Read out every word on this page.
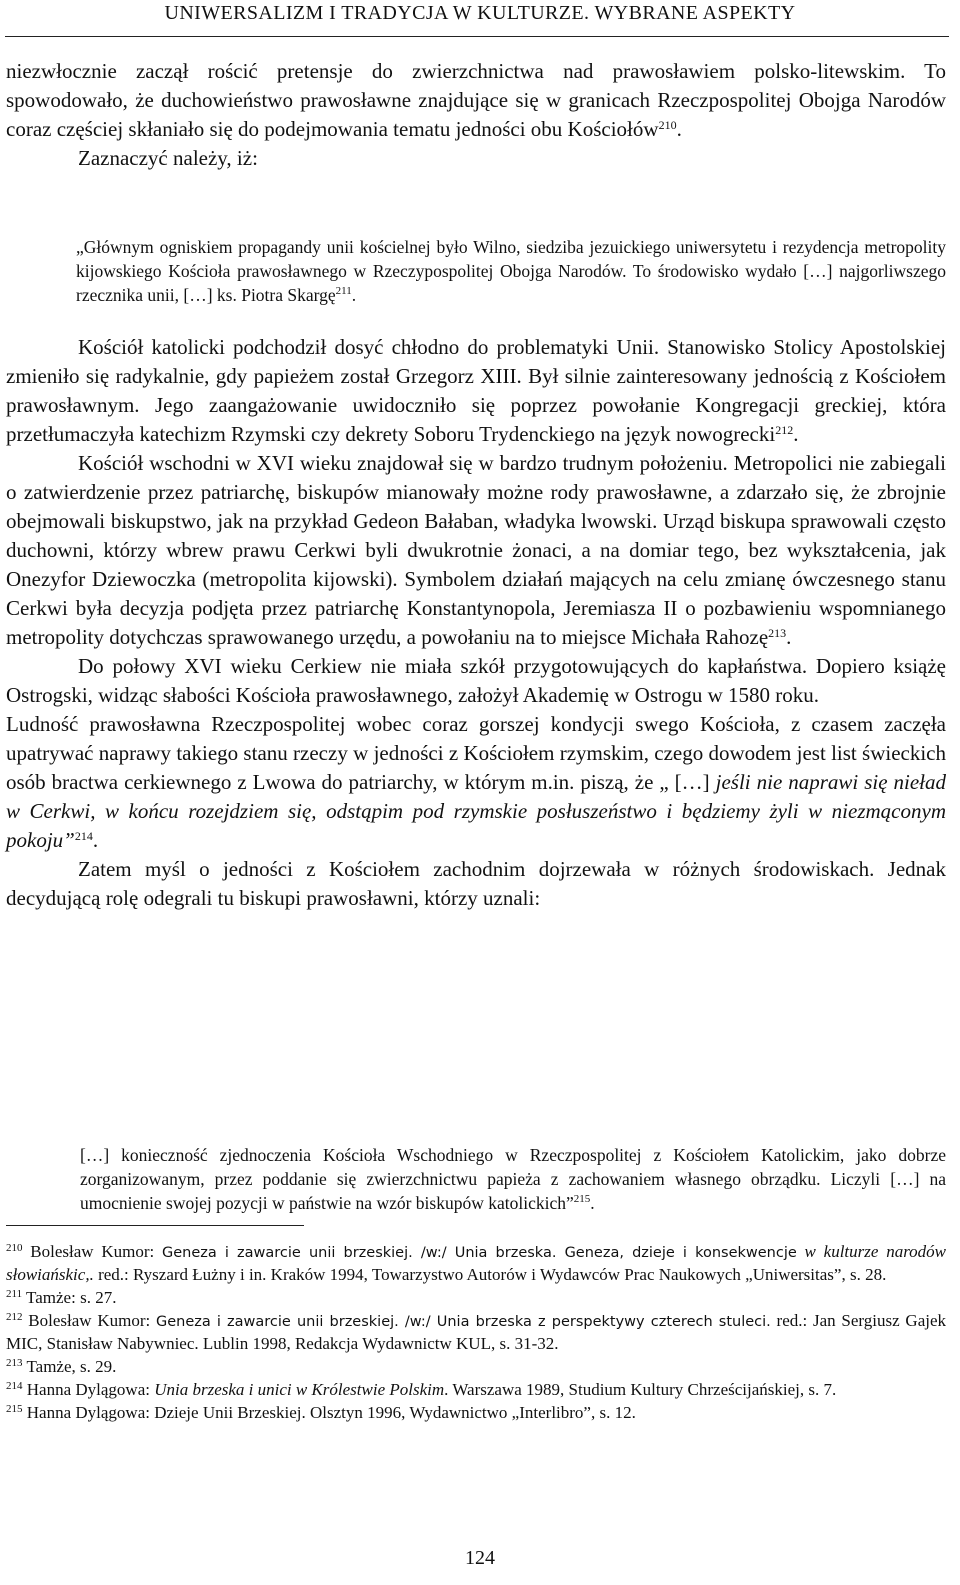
UNIWERSALIZM I TRADYCJA W KULTURZE. WYBRANE ASPEKTY

niezwłocznie zaczął rościć pretensje do zwierzchnictwa nad prawosławiem polsko-litewskim. To spowodowało, że duchowieństwo prawosławne znajdujące się w granicach Rzeczpospolitej Obojga Narodów coraz częściej skłaniało się do podejmowania tematu jedności obu Kościołów$^{210}$.

Zaznaczyć należy, iż:

„Głównym ogniskiem propagandy unii kościelnej było Wilno, siedziba jezuickiego uniwersytetu i rezydencja metropolity kijowskiego Kościoła prawosławnego w Rzeczypospolitej Obojga Narodów. To środowisko wydało […] najgorliwszego rzecznika unii, […] ks. Piotra Skargę$^{211}$.

Kościół katolicki podchodził dosyć chłodno do problematyki Unii. Stanowisko Stolicy Apostolskiej zmieniło się radykalnie, gdy papieżem został Grzegorz XIII. Był silnie zainteresowany jednością z Kościołem prawosławnym. Jego zaangażowanie uwidoczniło się poprzez powołanie Kongregacji greckiej, która przetłumaczyła katechizm Rzymski czy dekrety Soboru Trydenckiego na język nowogrecki$^{212}$.

Kościół wschodni w XVI wieku znajdował się w bardzo trudnym położeniu. Metropolici nie zabiegali o zatwierdzenie przez patriarchę, biskupów mianowały możne rody prawosławne, a zdarzało się, że zbrojnie obejmowali biskupstwo, jak na przykład Gedeon Bałaban, władyka lwowski. Urząd biskupa sprawowali często duchowni, którzy wbrew prawu Cerkwi byli dwukrotnie żonaci, a na domiar tego, bez wykształcenia, jak Onezyfor Dziewoczka (metropolita kijowski). Symbolem działań mających na celu zmianę ówczesnego stanu Cerkwi była decyzja podjęta przez patriarchę Konstantynopola, Jeremiasza II o pozbawieniu wspomnianego metropolity dotychczas sprawowanego urzędu, a powołaniu na to miejsce Michała Rahozę$^{213}$.

Do połowy XVI wieku Cerkiew nie miała szkół przygotowujących do kapłaństwa. Dopiero książę Ostrogski, widząc słabości Kościoła prawosławnego, założył Akademię w Ostrogu w 1580 roku.

Ludność prawosławna Rzeczpospolitej wobec coraz gorszej kondycji swego Kościoła, z czasem zaczęła upatrywać naprawy takiego stanu rzeczy w jedności z Kościołem rzymskim, czego dowodem jest list świeckich osób bractwa cerkiewnego z Lwowa do patriarchy, w którym m.in. piszą, że „ […] jeśli nie naprawi się nieład w Cerkwi, w końcu rozejdziem się, odstąpim pod rzymskie posłuszeństwo i będziemy żyli w niezmąconym pokoju”$^{214}$.

Zatem myśl o jedności z Kościołem zachodnim dojrzewała w różnych środowiskach. Jednak decydującą rolę odegrali tu biskupi prawosławni, którzy uznali:

[…] konieczność zjednoczenia Kościoła Wschodniego w Rzeczpospolitej z Kościołem Katolickim, jako dobrze zorganizowanym, przez poddanie się zwierzchnictwu papieża z zachowaniem własnego obrządku. Liczyli […] na umocnienie swojej pozycji w państwie na wzór biskupów katolickich”$^{215}$.

$^{210}$ Bolesław Kumor: Geneza i zawarcie unii brzeskiej. /w:/ Unia brzeska. Geneza, dzieje i konsekwencje w kulturze narodów słowiańskic,. red.: Ryszard Łużny i in. Kraków 1994, Towarzystwo Autorów i Wydawców Prac Naukowych „Uniwersitas”, s. 28.

$^{211}$ Tamże: s. 27.

$^{212}$ Bolesław Kumor: Geneza i zawarcie unii brzeskiej. /w:/ Unia brzeska z perspektywy czterech stuleci. red.: Jan Sergiusz Gajek MIC, Stanisław Nabywniec. Lublin 1998, Redakcja Wydawnictw KUL, s. 31-32.

$^{213}$ Tamże, s. 29.

$^{214}$ Hanna Dylągowa: Unia brzeska i unici w Królestwie Polskim. Warszawa 1989, Studium Kultury Chrześcijańskiej, s. 7.

$^{215}$ Hanna Dylągowa: Dzieje Unii Brzeskiej. Olsztyn 1996, Wydawnictwo „Interlibro”, s. 12.

124
